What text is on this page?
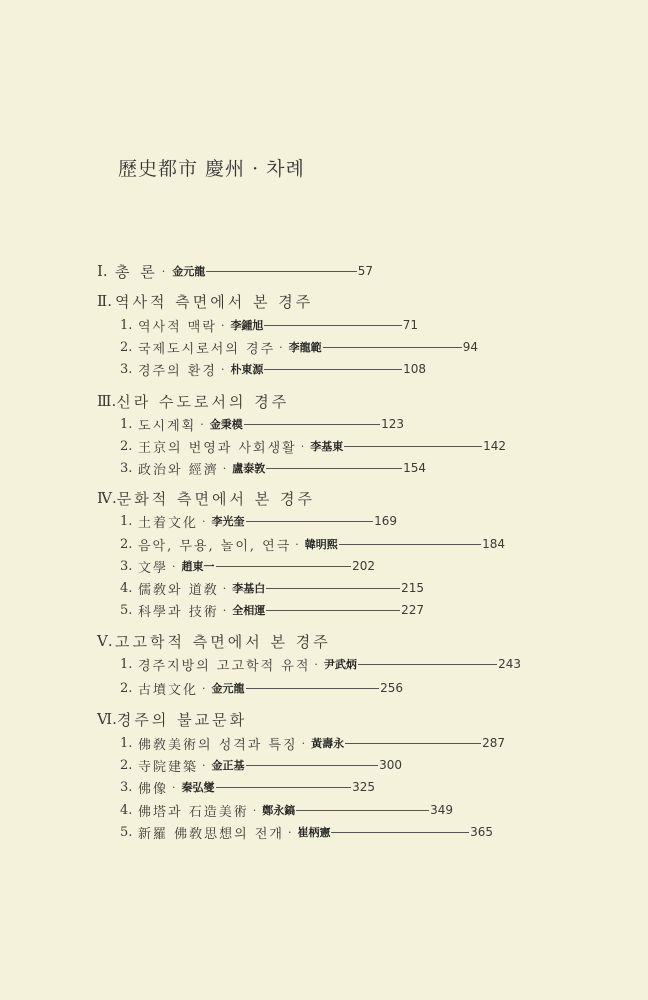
歷史都市 慶州 · 차례
Ⅰ. 총 론 · 金元龍	57
Ⅱ. 역사적 측면에서 본 경주
1. 역사적 맥락 · 李鍾旭	71
2. 국제도시로서의 경주 · 李龍範	94
3. 경주의 환경 · 朴東源	108
Ⅲ. 신라 수도로서의 경주
1. 도시계획 · 金秉模	123
2. 王京의 번영과 사회생활 · 李基東	142
3. 政治와 經濟 · 盧泰敦	154
Ⅳ. 문화적 측면에서 본 경주
1. 土着文化 · 李光奎	169
2. 음악, 무용, 놀이, 연극 · 韓明熙	184
3. 文學 · 趙東一	202
4. 儒敎와 道敎 · 李基白	215
5. 科學과 技術 · 全相運	227
Ⅴ. 고고학적 측면에서 본 경주
1. 경주지방의 고고학적 유적 · 尹武炳	243
2. 古墳文化 · 金元龍	256
Ⅵ. 경주의 불교문화
1. 佛敎美術의 성격과 특징 · 黃壽永	287
2. 寺院建築 · 金正基	300
3. 佛像 · 秦弘燮	325
4. 佛塔과 石造美術 · 鄭永鎬	349
5. 新羅 佛敎思想의 전개 · 崔柄憲	365
